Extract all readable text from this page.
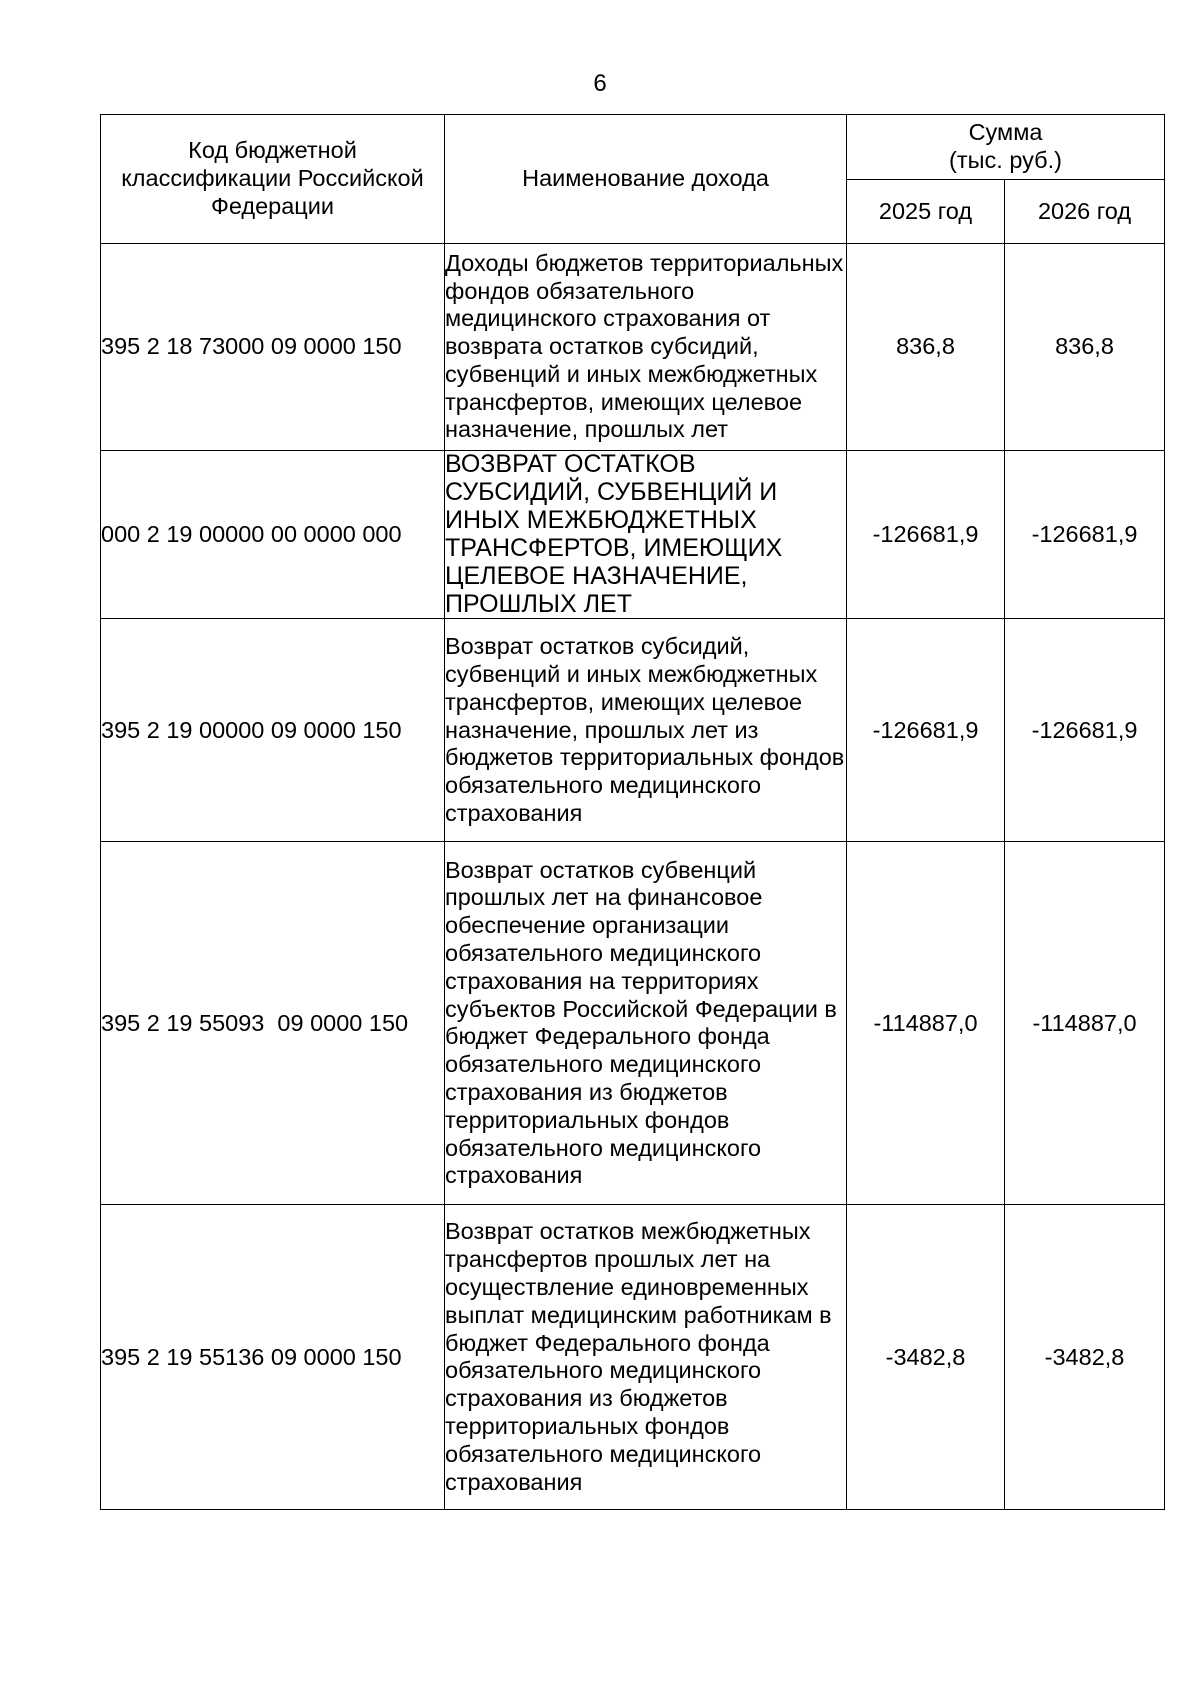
6
Код бюджетной классификации Российской Федерации	Наименование дохода	Сумма
(тыс. руб.)	

		2025 год	2026 год
395 2 18 73000 09 0000 150	Доходы бюджетов территориальных фондов обязательного медицинского страхования от возврата остатков субсидий, субвенций и иных межбюджетных трансфертов, имеющих целевое назначение, прошлых лет	836,8	836,8
000 2 19 00000 00 0000 000	ВОЗВРАТ ОСТАТКОВ СУБСИДИЙ, СУБВЕНЦИЙ И ИНЫХ МЕЖБЮДЖЕТНЫХ ТРАНСФЕРТОВ, ИМЕЮЩИХ ЦЕЛЕВОЕ НАЗНАЧЕНИЕ, ПРОШЛЫХ ЛЕТ	-126681,9	-126681,9
395 2 19 00000 09 0000 150	Возврат остатков субсидий, субвенций и иных межбюджетных трансфертов, имеющих целевое назначение, прошлых лет из бюджетов территориальных фондов обязательного медицинского страхования	-126681,9	-126681,9
395 2 19 55093  09 0000 150	Возврат остатков субвенций прошлых лет на финансовое обеспечение организации обязательного медицинского страхования на территориях субъектов Российской Федерации в бюджет Федерального фонда обязательного медицинского страхования из бюджетов территориальных фондов обязательного медицинского страхования	-114887,0	-114887,0
395 2 19 55136 09 0000 150	Возврат остатков межбюджетных трансфертов прошлых лет на осуществление единовременных выплат медицинским работникам в бюджет Федерального фонда обязательного медицинского страхования из бюджетов территориальных фондов обязательного медицинского страхования	-3482,8	-3482,8
